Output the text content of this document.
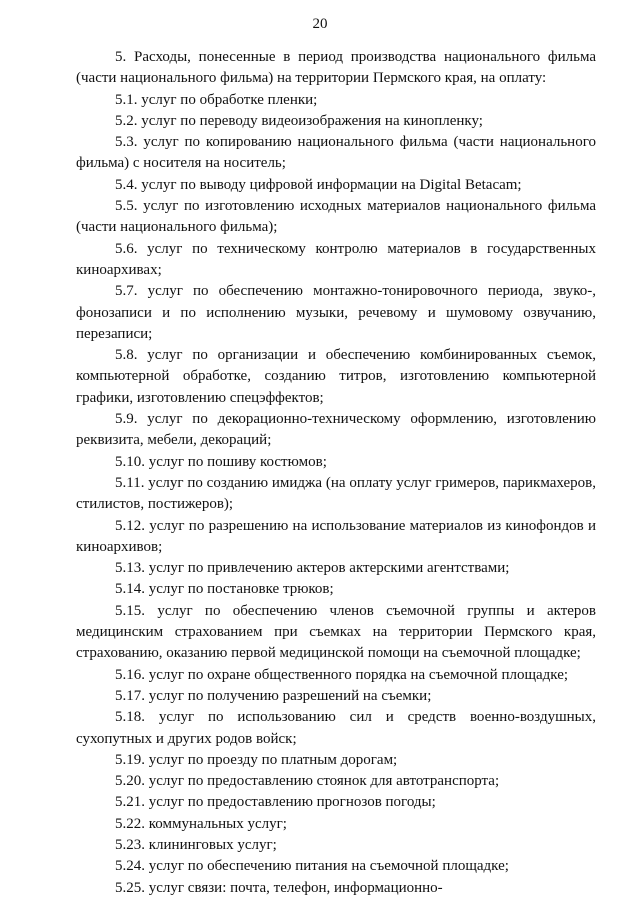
20

5. Расходы, понесенные в период производства национального фильма (части национального фильма) на территории Пермского края, на оплату:

5.1. услуг по обработке пленки;

5.2. услуг по переводу видеоизображения на кинопленку;

5.3. услуг по копированию национального фильма (части национального фильма) с носителя на носитель;

5.4. услуг по выводу цифровой информации на Digital Betacam;

5.5. услуг по изготовлению исходных материалов национального фильма (части национального фильма);

5.6. услуг по техническому контролю материалов в государственных киноархивах;

5.7. услуг по обеспечению монтажно-тонировочного периода, звуко-, фонозаписи и по исполнению музыки, речевому и шумовому озвучанию, перезаписи;

5.8. услуг по организации и обеспечению комбинированных съемок, компьютерной обработке, созданию титров, изготовлению компьютерной графики, изготовлению спецэффектов;

5.9. услуг по декорационно-техническому оформлению, изготовлению реквизита, мебели, декораций;

5.10. услуг по пошиву костюмов;

5.11. услуг по созданию имиджа (на оплату услуг гримеров, парикмахеров, стилистов, постижеров);

5.12. услуг по разрешению на использование материалов из кинофондов и киноархивов;

5.13. услуг по привлечению актеров актерскими агентствами;

5.14. услуг по постановке трюков;

5.15. услуг по обеспечению членов съемочной группы и актеров медицинским страхованием при съемках на территории Пермского края, страхованию, оказанию первой медицинской помощи на съемочной площадке;

5.16. услуг по охране общественного порядка на съемочной площадке;

5.17. услуг по получению разрешений на съемки;

5.18. услуг по использованию сил и средств военно-воздушных, сухопутных и других родов войск;

5.19. услуг по проезду по платным дорогам;

5.20. услуг по предоставлению стоянок для автотранспорта;

5.21. услуг по предоставлению прогнозов погоды;

5.22. коммунальных услуг;

5.23. клининговых услуг;

5.24. услуг по обеспечению питания на съемочной площадке;

5.25. услуг связи: почта, телефон, информационно-
